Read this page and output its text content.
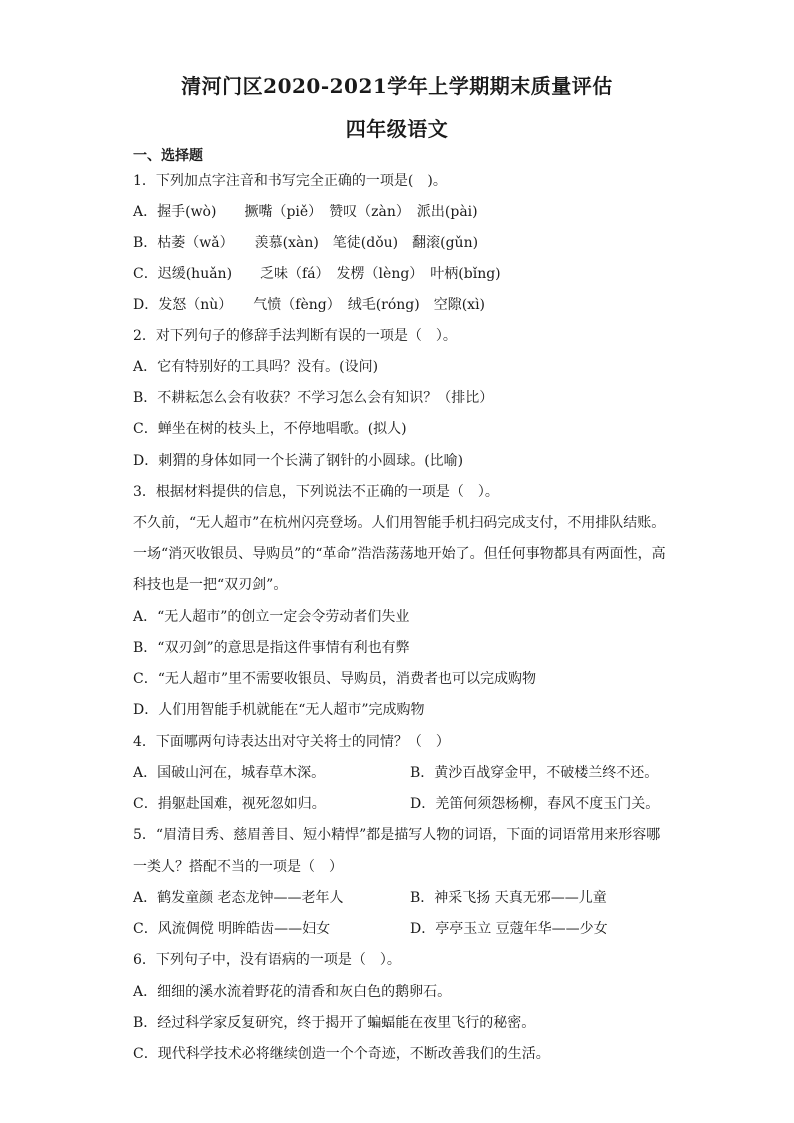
清河门区2020-2021学年上学期期末质量评估
四年级语文
一、选择题
1．下列加点字注音和书写完全正确的一项是(　)。
A．握手(wò)　　撅嘴（piě）　赞叹（zàn）　派出(pài)
B．枯萎（wǎ）　　羡慕(xàn)　笔徒(dǒu)　翻滚(gǔn)
C．迟缓(huǎn)　　乏味（fá）　发楞（lèng）　叶柄(bǐng)
D．发怒（nù）　　气愤（fèng）　绒毛(róng)　空隙(xì)
2．对下列句子的修辞手法判断有误的一项是（　）。
A．它有特别好的工具吗？没有。(设问)
B．不耕耘怎么会有收获？不学习怎么会有知识？（排比）
C．蝉坐在树的枝头上，不停地唱歌。(拟人)
D．刺猬的身体如同一个长满了钢针的小圆球。(比喻)
3．根据材料提供的信息，下列说法不正确的一项是（　）。
不久前，“无人超市”在杭州闪亮登场。人们用智能手机扫码完成支付，不用排队结账。
一场“消灭收银员、导购员”的“革命”浩浩荡荡地开始了。但任何事物都具有两面性，高
科技也是一把“双刃剑”。
A．“无人超市”的创立一定会令劳动者们失业
B．“双刃剑”的意思是指这件事情有利也有弊
C．“无人超市”里不需要收银员、导购员，消费者也可以完成购物
D．人们用智能手机就能在“无人超市”完成购物
4．下面哪两句诗表达出对守关将士的同情？（　）
A．国破山河在，城春草木深。	B．黄沙百战穿金甲，不破楼兰终不还。
C．捐躯赴国难，视死忽如归。	D．羌笛何须怨杨柳，春风不度玉门关。
5．“眉清目秀、慈眉善目、短小精悍”都是描写人物的词语，下面的词语常用来形容哪
一类人？搭配不当的一项是（　）
A．鹤发童颜 老态龙钟——老年人	B．神采飞扬 天真无邪——儿童
C．风流倜傥 明眸皓齿——妇女	D．亭亭玉立 豆蔻年华——少女
6．下列句子中，没有语病的一项是（　）。
A．细细的溪水流着野花的清香和灰白色的鹅卵石。
B．经过科学家反复研究，终于揭开了蝙蝠能在夜里飞行的秘密。
C．现代科学技术必将继续创造一个个奇迹，不断改善我们的生活。
